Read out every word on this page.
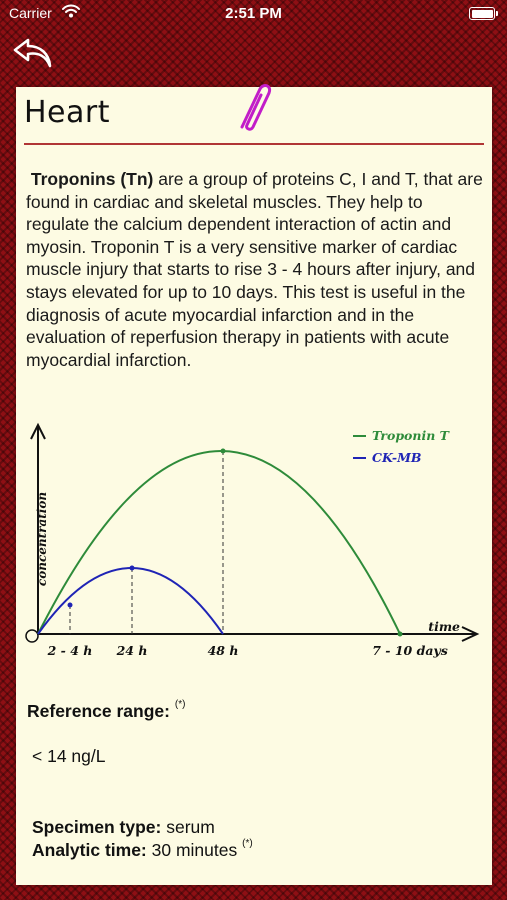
Carrier	2:51 PM
Heart
Troponins (Tn) are a group of proteins C, I and T, that are found in cardiac and skeletal muscles. They help to regulate the calcium dependent interaction of actin and myosin. Troponin T is a very sensitive marker of cardiac muscle injury that starts to rise 3 - 4 hours after injury, and stays elevated for up to 10 days. This test is useful in the diagnosis of acute myocardial infarction and in the evaluation of reperfusion therapy in patients with acute myocardial infarction.
concentration
time
2 - 4 h 24 h	48 h	7 - 10 days
Troponin T
CK-MB
Reference range: (*)
< 14 ng/L
Specimen type: serum
Analytic time: 30 minutes (*)
